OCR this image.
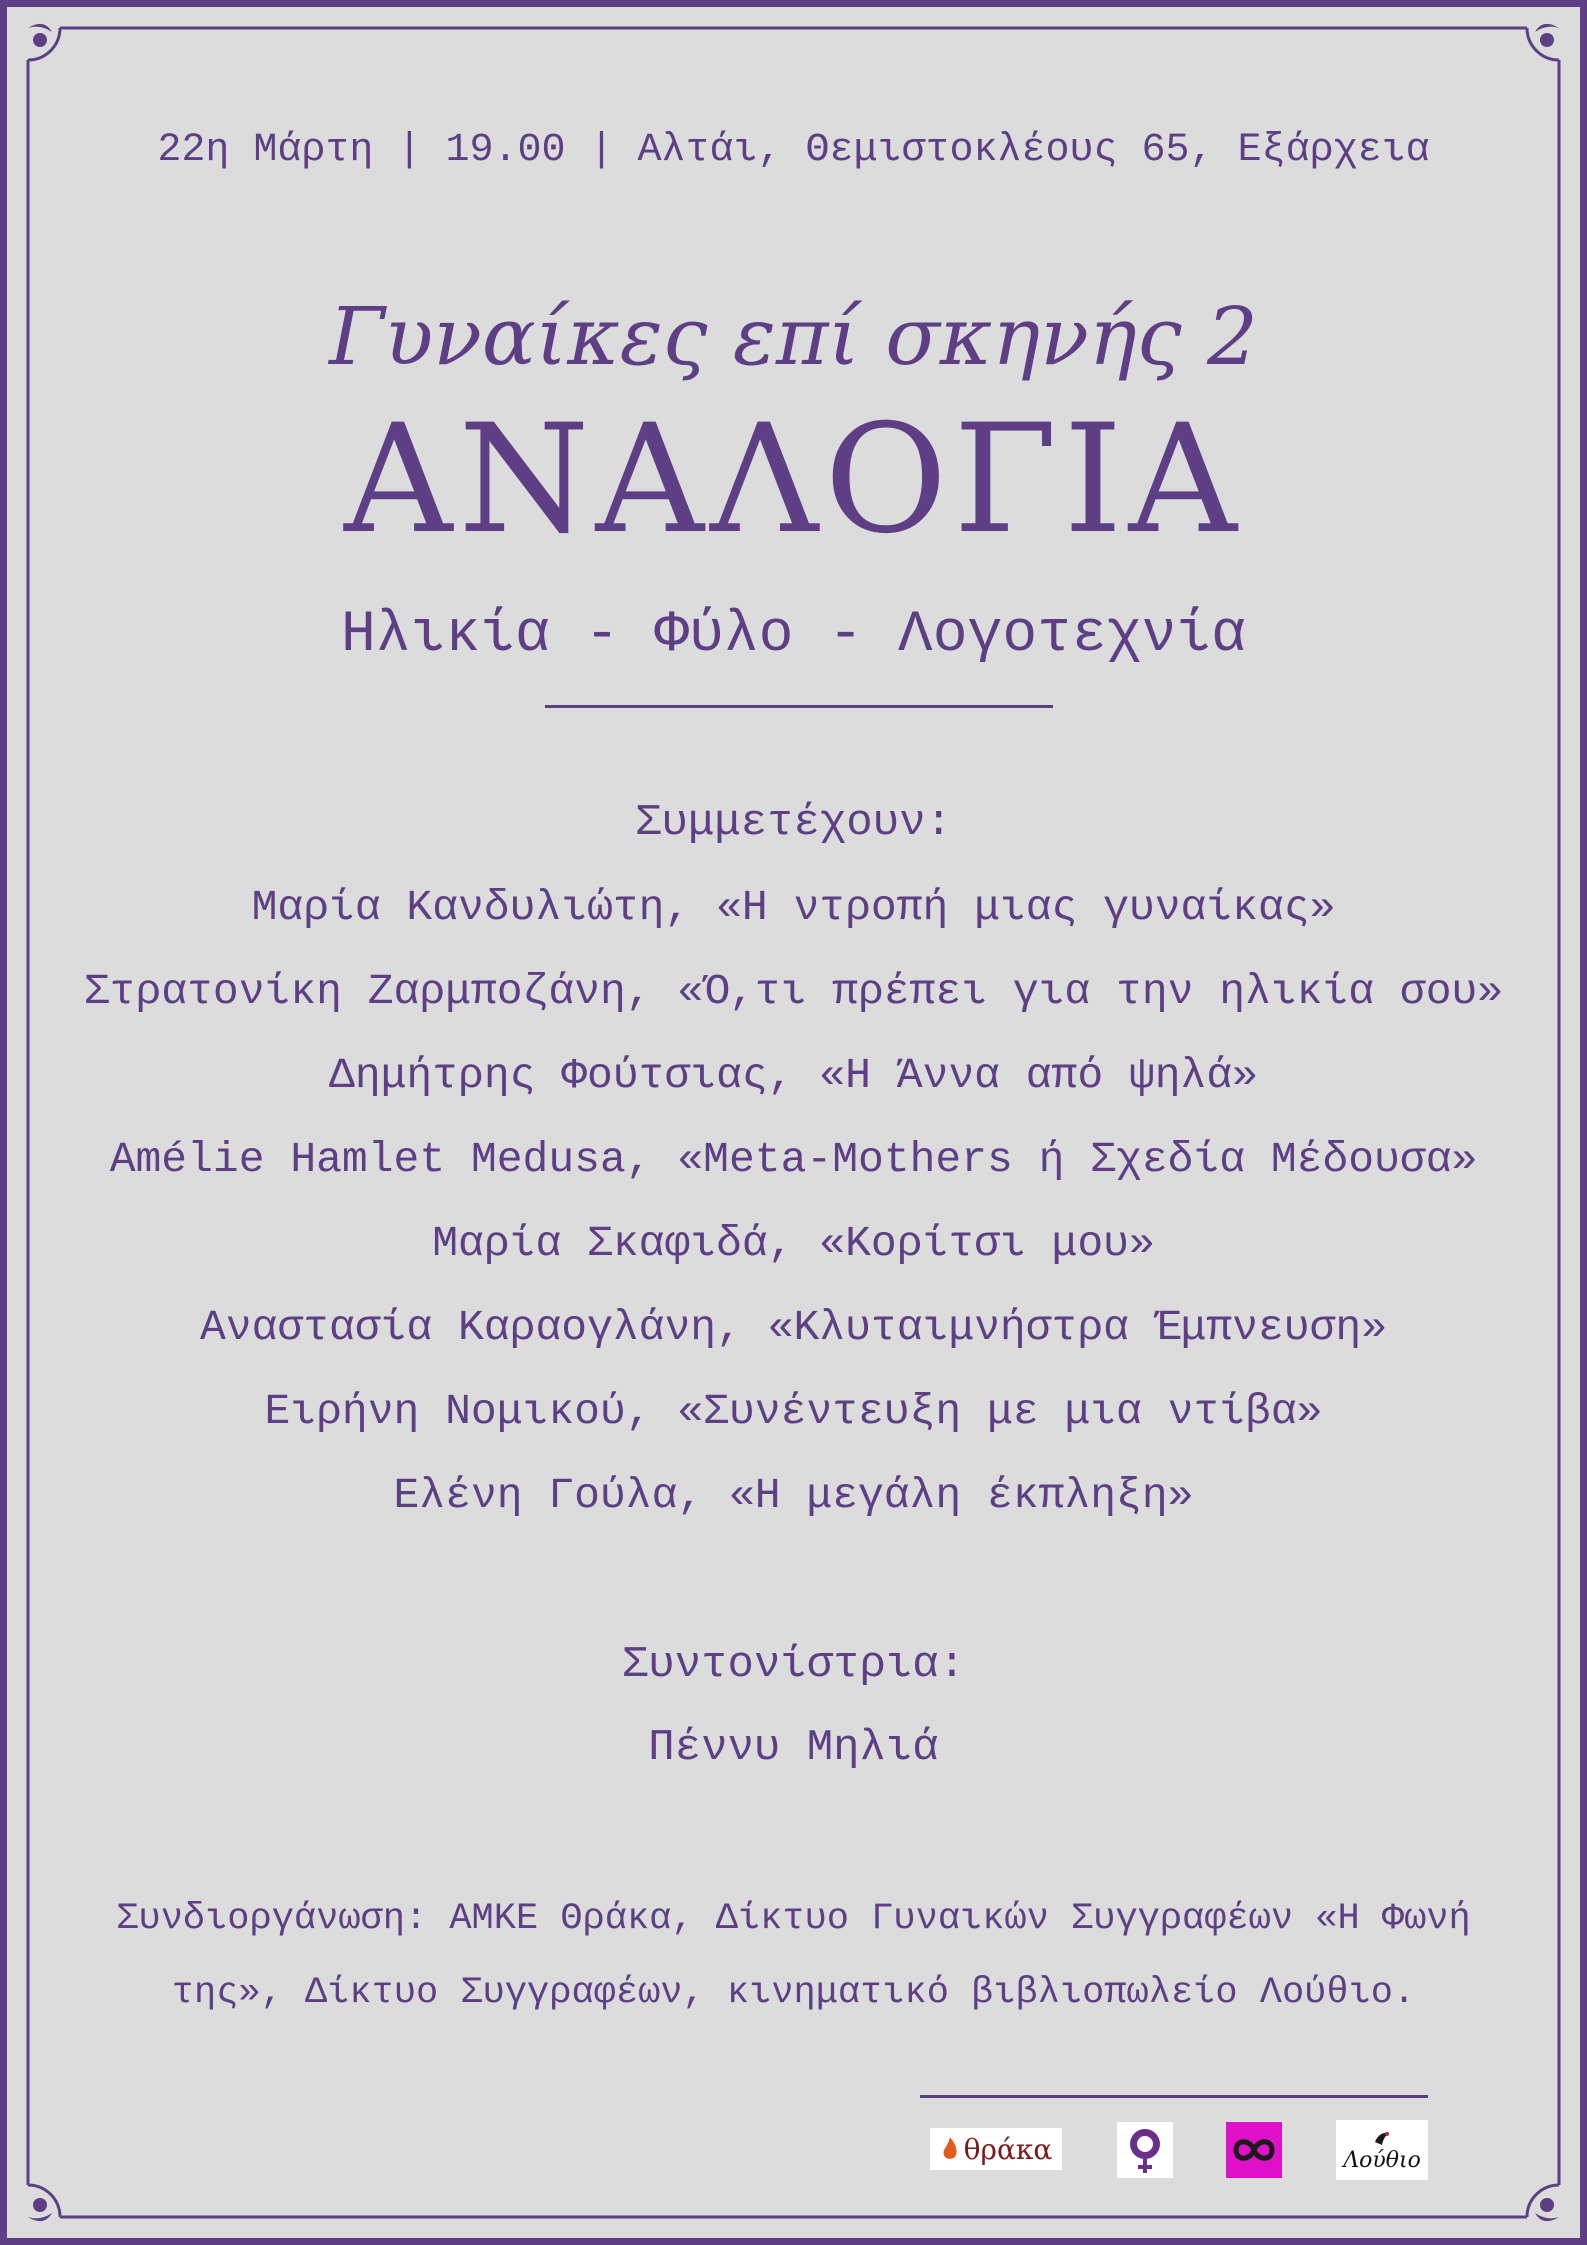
22η Μάρτη | 19.00 | Αλτάι, Θεμιστοκλέους 65, Εξάρχεια
Γυναίκες επί σκηνής 2
ΑΝΑΛΟΓΙΑ
Ηλικία - Φύλο - Λογοτεχνία
Συμμετέχουν:
Μαρία Κανδυλιώτη, «Η ντροπή μιας γυναίκας»
Στρατονίκη Ζαρμποζάνη, «Ό,τι πρέπει για την ηλικία σου»
Δημήτρης Φούτσιας, «Η Άννα από ψηλά»
Amélie Hamlet Medusa, «Meta-Mothers ή Σχεδία Μέδουσα»
Μαρία Σκαφιδά, «Κορίτσι μου»
Αναστασία Καραογλάνη, «Κλυταιμνήστρα Έμπνευση»
Ειρήνη Νομικού, «Συνέντευξη με μια ντίβα»
Ελένη Γούλα, «Η μεγάλη έκπληξη»
Συντονίστρια:
Πέννυ Μηλιά
Συνδιοργάνωση: ΑΜΚΕ Θράκα, Δίκτυο Γυναικών Συγγραφέων «Η Φωνή της», Δίκτυο Συγγραφέων, κινηματικό βιβλιοπωλείο Λούθιο.
θράκα	Λούθιο
